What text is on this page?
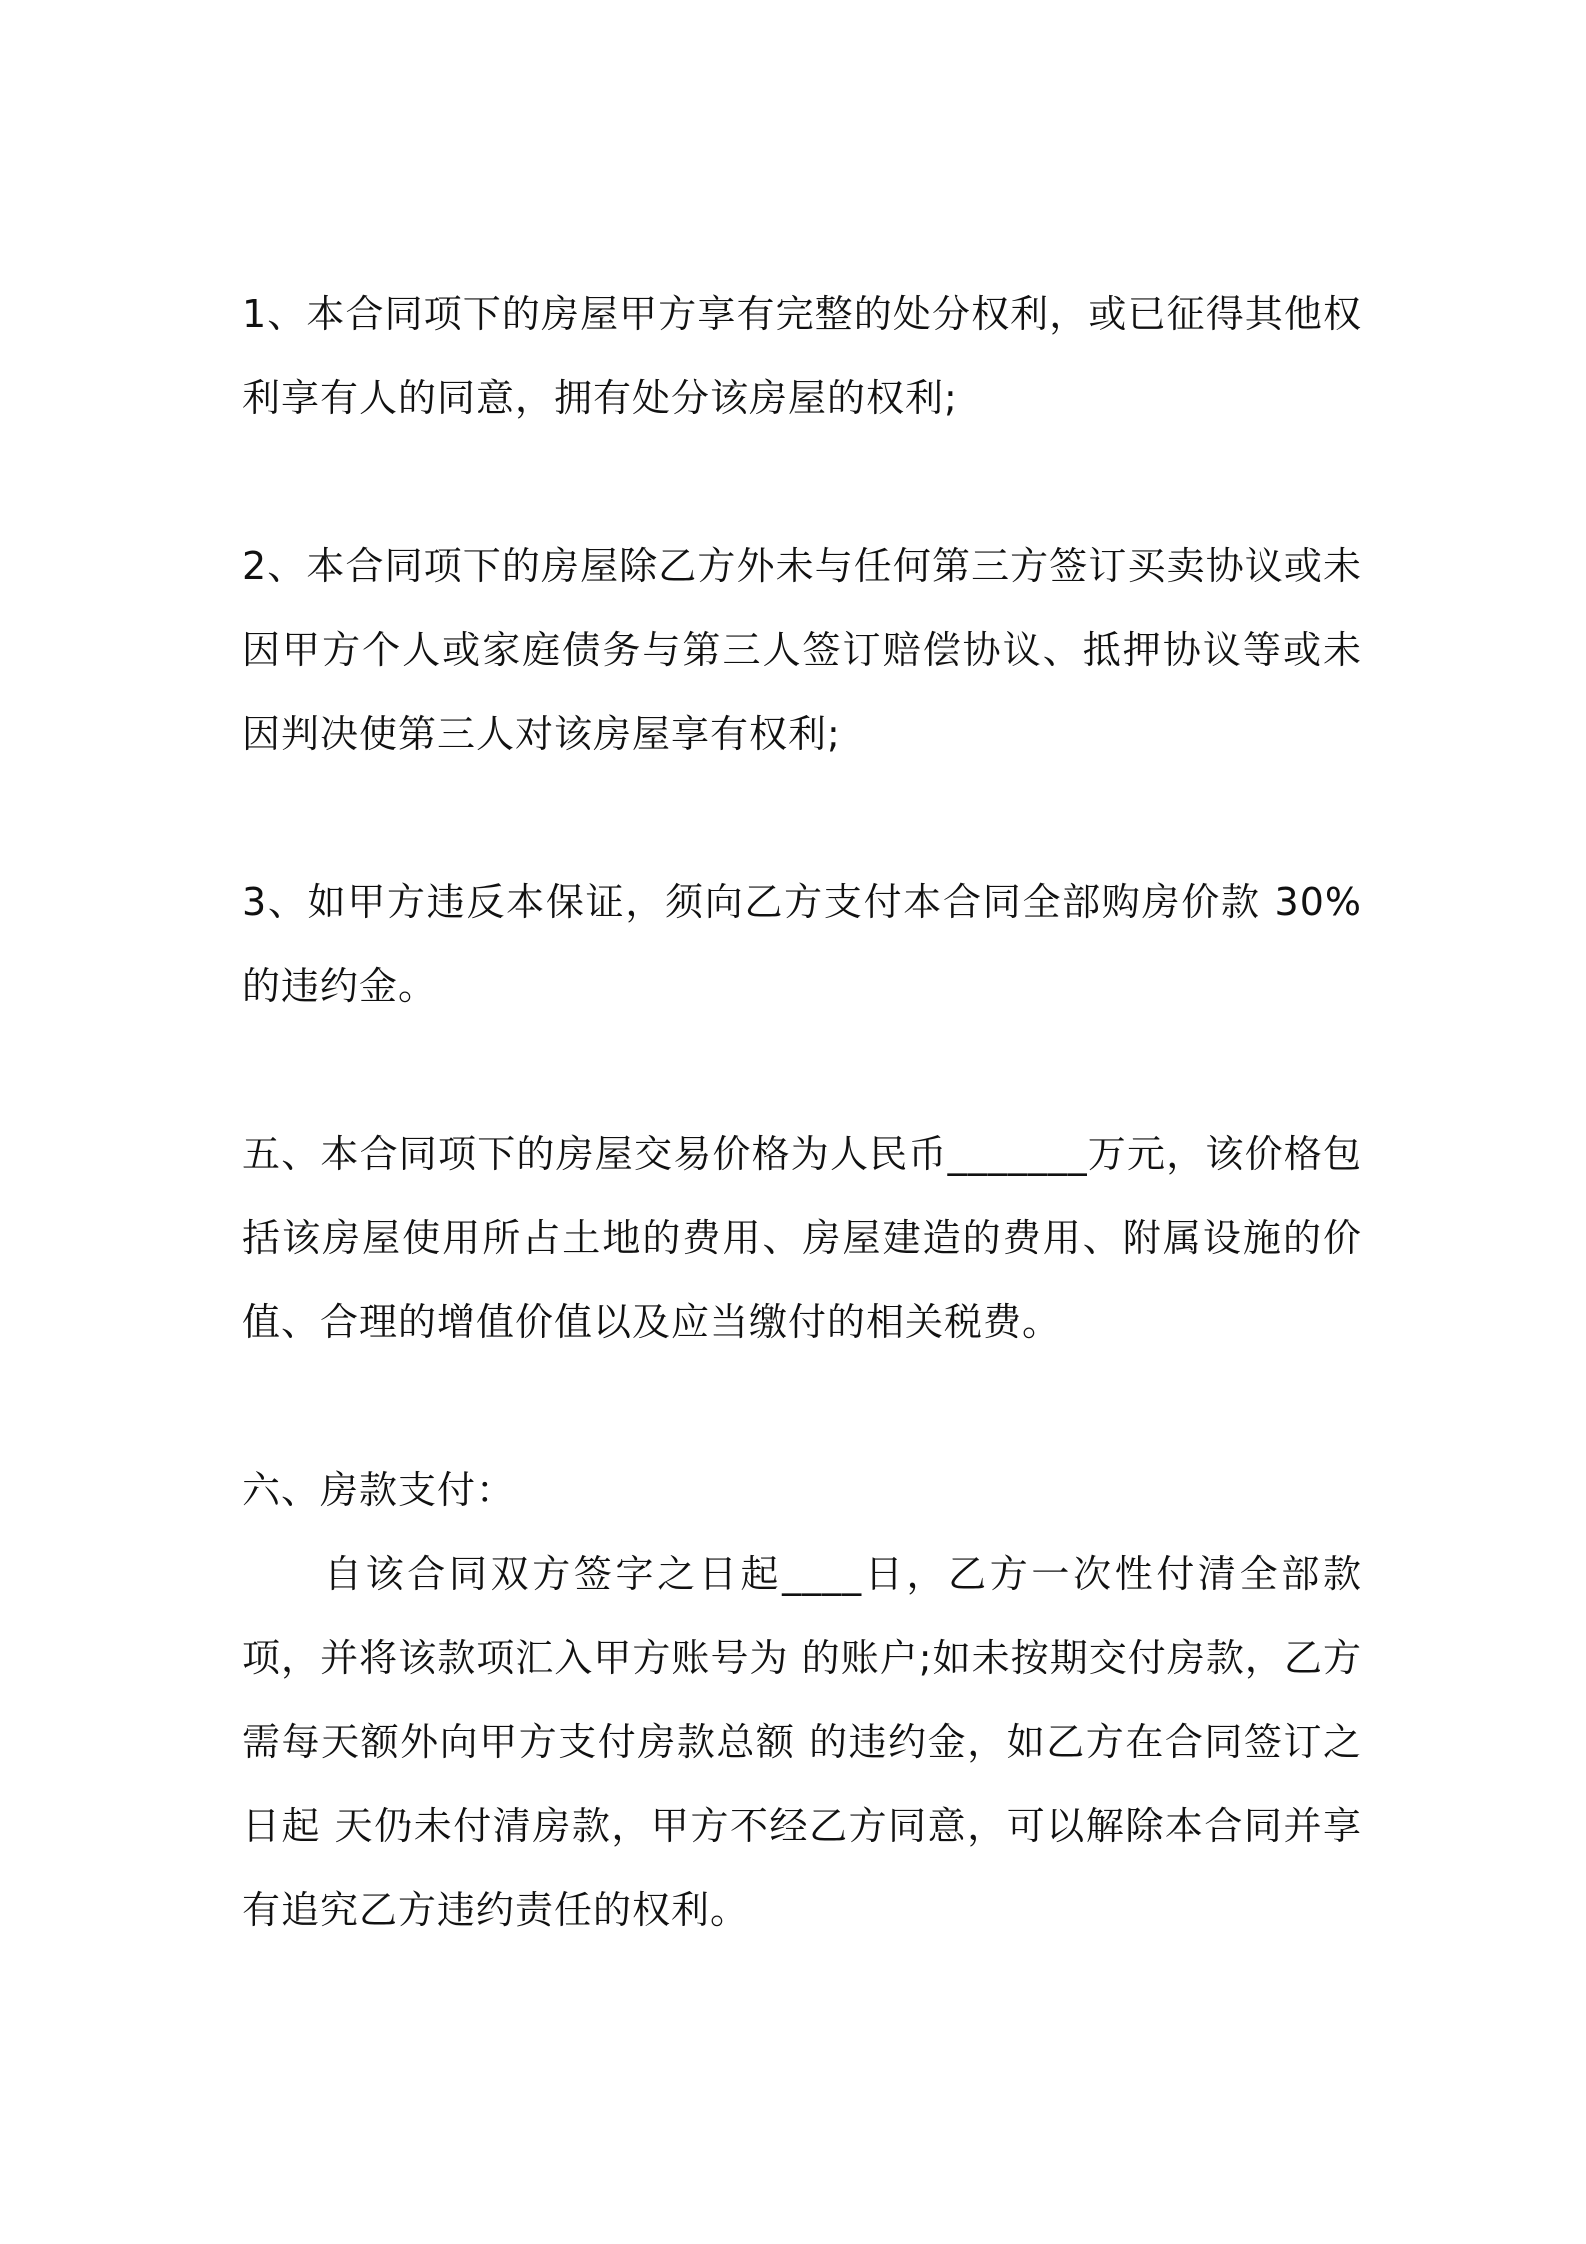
1、本合同项下的房屋甲方享有完整的处分权利，或已征得其他权利享有人的同意，拥有处分该房屋的权利;

2、本合同项下的房屋除乙方外未与任何第三方签订买卖协议或未因甲方个人或家庭债务与第三人签订赔偿协议、抵押协议等或未因判决使第三人对该房屋享有权利;

3、如甲方违反本保证，须向乙方支付本合同全部购房价款 30%的违约金。

五、本合同项下的房屋交易价格为人民币_______万元，该价格包括该房屋使用所占土地的费用、房屋建造的费用、附属设施的价值、合理的增值价值以及应当缴付的相关税费。

六、房款支付：

自该合同双方签字之日起____日，乙方一次性付清全部款项，并将该款项汇入甲方账号为 的账户;如未按期交付房款，乙方需每天额外向甲方支付房款总额 的违约金，如乙方在合同签订之日起 天仍未付清房款，甲方不经乙方同意，可以解除本合同并享有追究乙方违约责任的权利。
